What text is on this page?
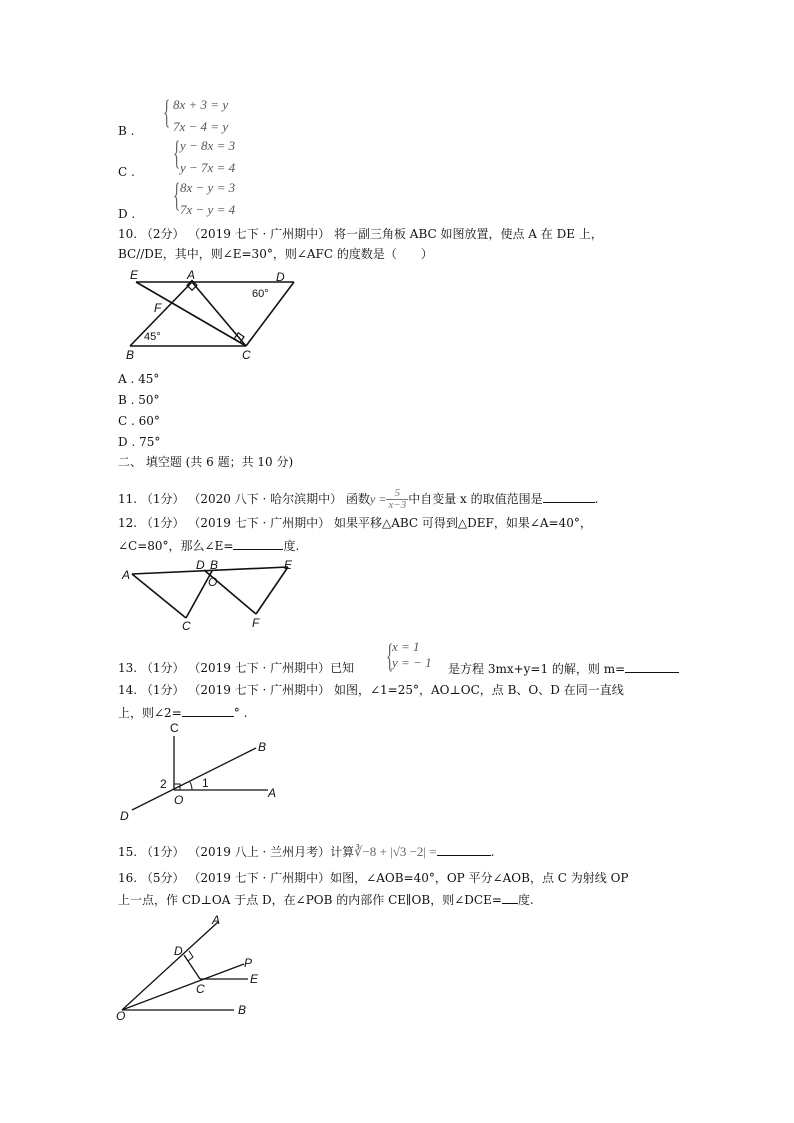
B . { 8x + 3 = y
7x − 4 = y
C . { y − 8x = 3
y − 7x = 4
D . { 8x − y = 3
7x − y = 4
10. （2分） （2019 七下 · 广州期中） 将一副三角板 ABC 如图放置，使点 A 在 DE 上，
BC//DE，其中，则∠E=30°，则∠AFC 的度数是（　　）
E	A	D
F
B	C
60°
45°
A . 45°
B . 50°
C . 60°
D . 75°
二、 填空题 (共 6 题；共 10 分)
11. （1分） （2020 八下 · 哈尔滨期中） 函数$y = \frac{5}{x-3}$ 中自变量 x 的取值范围是	.
12. （1分） （2019 七下 · 广州期中） 如果平移△ABC 可得到△DEF，如果∠A=40°，
∠C=80°，那么∠E=	度.
A
D B
O
E
C	F
{
x = 1
y = − 1
13. （1分） （2019 七下 · 广州期中）已知	是方程 3mx+y=1 的解，则 m=
14. （1分） （2019 七下 · 广州期中） 如图，∠1=25°，AO⊥OC，点 B、O、D 在同一直线
上，则∠2=	° .
C
B
2	1
O	A
D
15. （1分） （2019 八上 · 兰州月考）计算∛−8 + |√3 −2| =	.
16. （5分） （2019 七下 · 广州期中）如图，∠AOB=40°，OP 平分∠AOB，点 C 为射线 OP
上一点，作 CD⊥OA 于点 D，在∠POB 的内部作 CE∥OB，则∠DCE= 度.
A
D
P
C
E
O	B
